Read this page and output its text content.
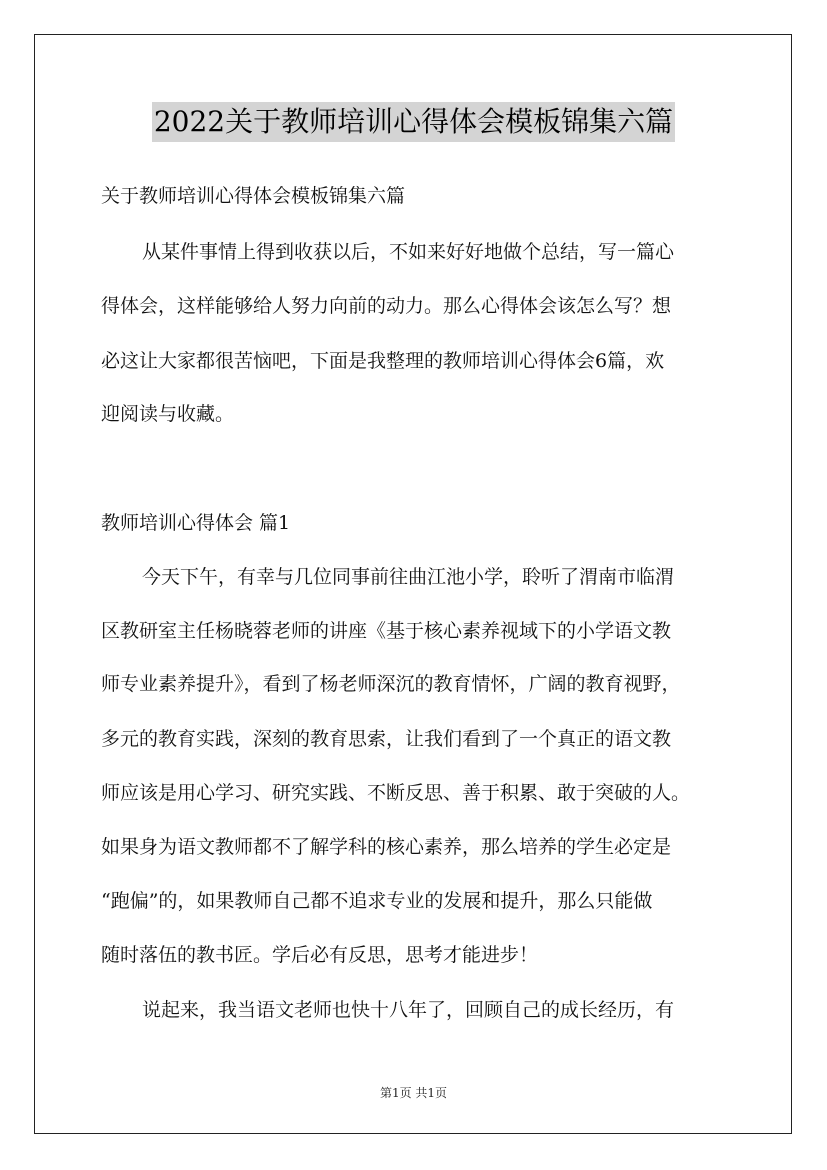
2022关于教师培训心得体会模板锦集六篇
关于教师培训心得体会模板锦集六篇
从某件事情上得到收获以后，不如来好好地做个总结，写一篇心
得体会，这样能够给人努力向前的动力。那么心得体会该怎么写？想
必这让大家都很苦恼吧，下面是我整理的教师培训心得体会6篇，欢
迎阅读与收藏。
教师培训心得体会 篇1
今天下午，有幸与几位同事前往曲江池小学，聆听了渭南市临渭
区教研室主任杨晓蓉老师的讲座《基于核心素养视域下的小学语文教
师专业素养提升》，看到了杨老师深沉的教育情怀，广阔的教育视野，
多元的教育实践，深刻的教育思索，让我们看到了一个真正的语文教
师应该是用心学习、研究实践、不断反思、善于积累、敢于突破的人。
如果身为语文教师都不了解学科的核心素养，那么培养的学生必定是
“跑偏”的，如果教师自己都不追求专业的发展和提升，那么只能做
随时落伍的教书匠。学后必有反思，思考才能进步！
说起来，我当语文老师也快十八年了，回顾自己的成长经历，有
第1页 共1页
